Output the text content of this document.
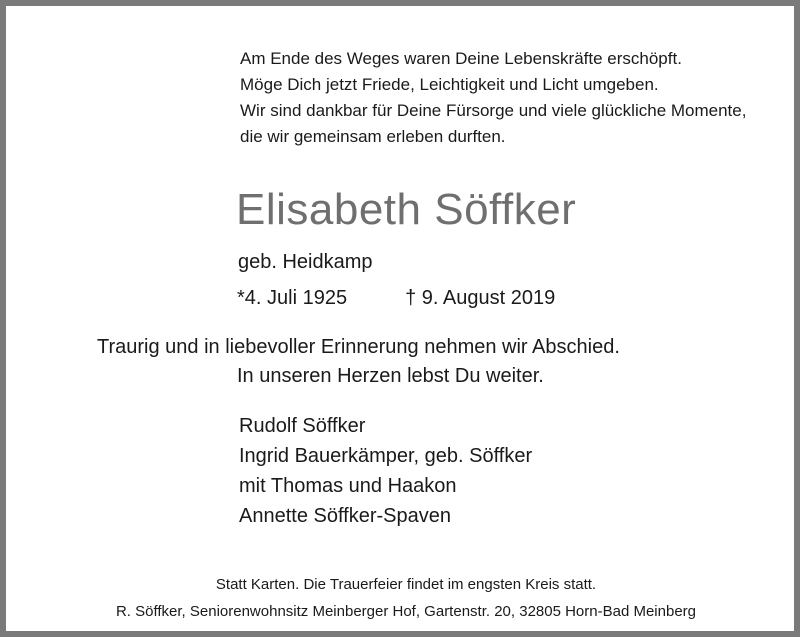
Am Ende des Weges waren Deine Lebenskräfte erschöpft.
Möge Dich jetzt Friede, Leichtigkeit und Licht umgeben.
Wir sind dankbar für Deine Fürsorge und viele glückliche Momente,
die wir gemeinsam erleben durften.
Elisabeth Söffker
geb. Heidkamp
*4. Juli 1925	† 9. August 2019
Traurig und in liebevoller Erinnerung nehmen wir Abschied.
In unseren Herzen lebst Du weiter.
Rudolf Söffker
Ingrid Bauerkämper, geb. Söffker
mit Thomas und Haakon
Annette Söffker-Spaven
Statt Karten. Die Trauerfeier findet im engsten Kreis statt.
R. Söffker, Seniorenwohnsitz Meinberger Hof, Gartenstr. 20, 32805 Horn-Bad Meinberg
